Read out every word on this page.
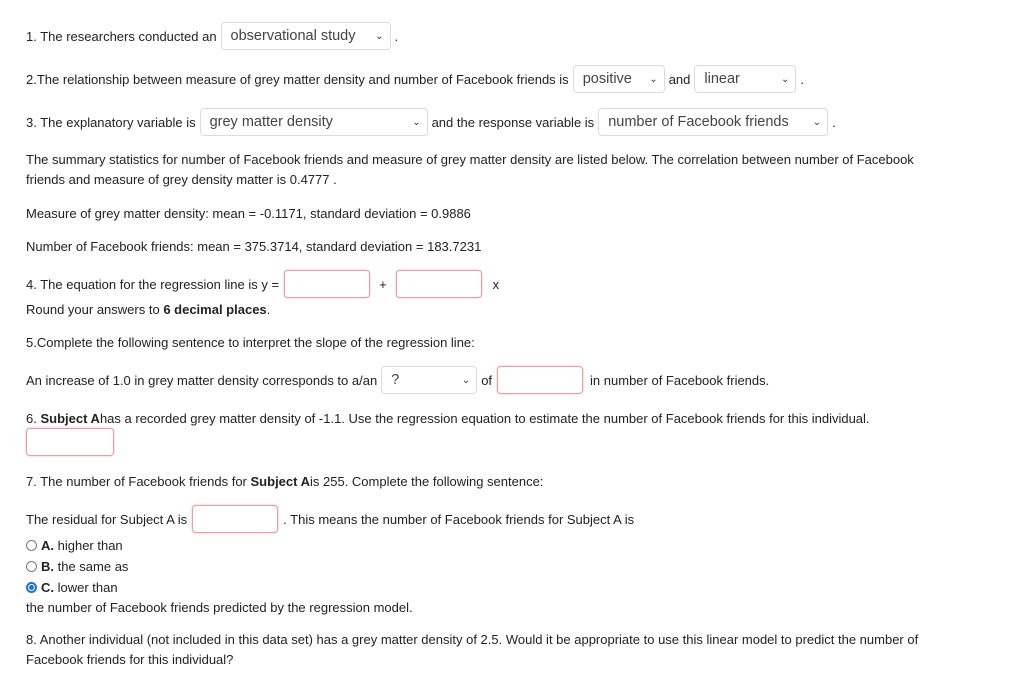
1. The researchers conducted an observational study ⌄ .
2.The relationship between measure of grey matter density and number of Facebook friends is positive ⌄ and linear	⌄ .
3. The explanatory variable is grey matter density	⌄ and the response variable is number of Facebook friends ⌄ .
The summary statistics for number of Facebook friends and measure of grey matter density are listed below. The correlation between number of Facebook friends and measure of grey density matter is 0.4777 .
Measure of grey matter density: mean = -0.1171, standard deviation = 0.9886
Number of Facebook friends: mean = 375.3714, standard deviation = 183.7231
4. The equation for the regression line is y =	+	x
Round your answers to
6 decimal places .
5.Complete the following sentence to interpret the slope of the regression line:
An increase of 1.0 in grey matter density corresponds to a/an ?	⌄ of	in number of Facebook friends.
6.
Subject A has a recorded grey matter density of -1.1. Use the regression equation to estimate the number of Facebook friends for this individual.
7. The number of Facebook friends for
Subject A is 255. Complete the following sentence:
The residual for Subject A is	. This means the number of Facebook friends for Subject A is
A. higher than
B. the same as
C. lower than
the number of Facebook friends predicted by the regression model.
8. Another individual (not included in this data set) has a grey matter density of 2.5. Would it be appropriate to use this linear model to predict the number of Facebook friends for this individual?
